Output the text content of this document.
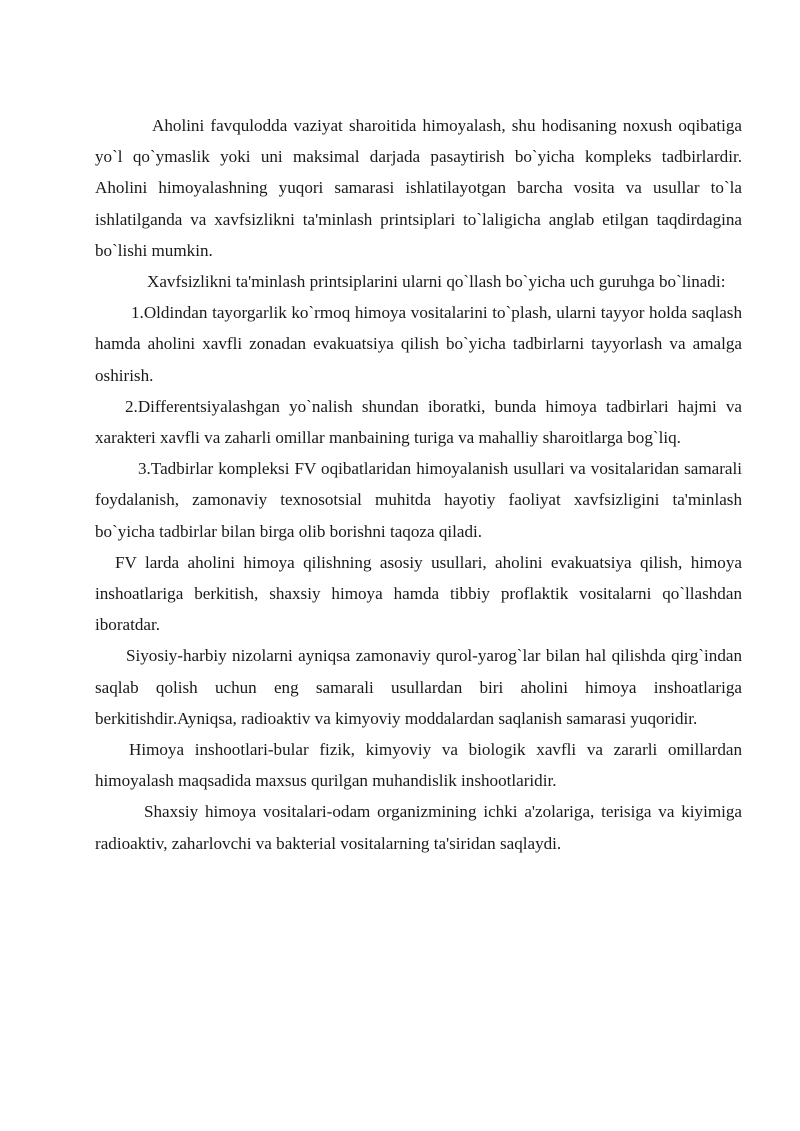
Aholini favqulodda vaziyat sharoitida himoyalash, shu hodisaning noxush oqibatiga yo`l qo`ymaslik yoki uni maksimal darjada pasaytirish bo`yicha kompleks tadbirlardir. Aholini himoyalashning yuqori samarasi ishlatilayotgan barcha vosita va usullar to`la ishlatilganda va xavfsizlikni ta'minlash printsiplari to`laligicha anglab etilgan taqdirdagina bo`lishi mumkin.

Xavfsizlikni ta'minlash printsiplarini ularni qo`llash bo`yicha uch guruhga bo`linadi:

1.Oldindan tayorgarlik ko`rmoq himoya vositalarini to`plash, ularni tayyor holda saqlash hamda aholini xavfli zonadan evakuatsiya qilish bo`yicha tadbirlarni tayyorlash va amalga oshirish.

2.Differentsiyalashgan yo`nalish shundan iboratki, bunda himoya tadbirlari hajmi va xarakteri xavfli va zaharli omillar manbaining turiga va mahalliy sharoitlarga bog`liq.

3.Tadbirlar kompleksi FV oqibatlaridan himoyalanish usullari va vositalaridan samarali foydalanish, zamonaviy texnosotsial muhitda hayotiy faoliyat xavfsizligini ta'minlash bo`yicha tadbirlar bilan birga olib borishni taqoza qiladi.

FV larda aholini himoya qilishning asosiy usullari, aholini evakuatsiya qilish, himoya inshoatlariga berkitish, shaxsiy himoya hamda tibbiy proflaktik vositalarni qo`llashdan iboratdar.

Siyosiy-harbiy nizolarni ayniqsa zamonaviy qurol-yarog`lar bilan hal qilishda qirg`indan saqlab qolish uchun eng samarali usullardan biri aholini himoya inshoatlariga berkitishdir.Ayniqsa, radioaktiv va kimyoviy moddalardan saqlanish samarasi yuqoridir.

Himoya inshootlari-bular fizik, kimyoviy va biologik xavfli va zararli omillardan himoyalash maqsadida maxsus qurilgan muhandislik inshootlaridir.

Shaxsiy himoya vositalari-odam organizmining ichki a'zolariga, terisiga va kiyimiga radioaktiv, zaharlovchi va bakterial vositalarning ta'siridan saqlaydi.
